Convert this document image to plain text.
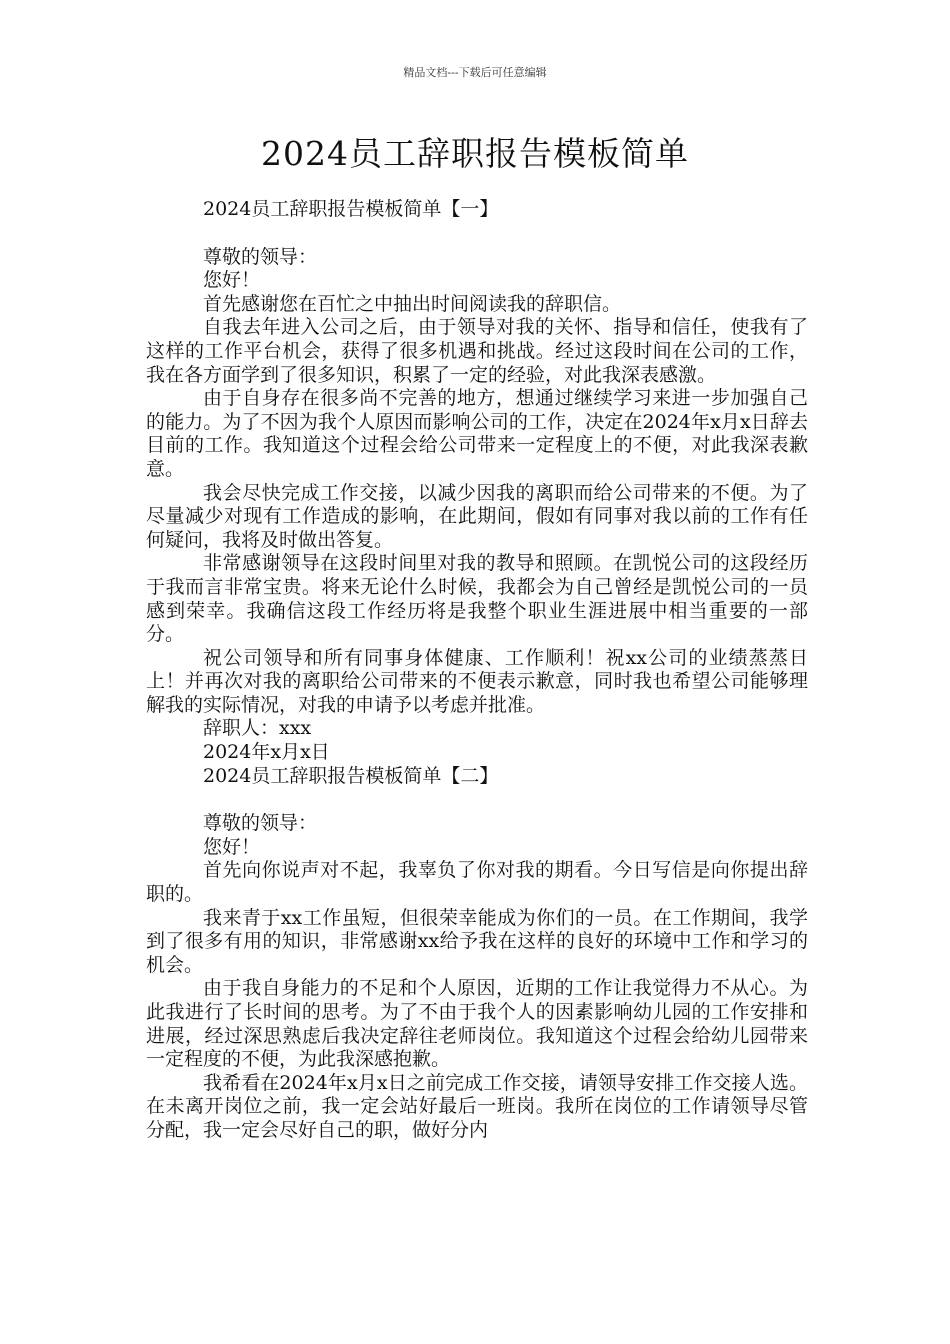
精品文档---下载后可任意编辑
2024员工辞职报告模板简单

2024员工辞职报告模板简单【一】

尊敬的领导：

您好！

首先感谢您在百忙之中抽出时间阅读我的辞职信。

自我去年进入公司之后，由于领导对我的关怀、指导和信任，使我有了这样的工作平台机会，获得了很多机遇和挑战。经过这段时间在公司的工作，我在各方面学到了很多知识，积累了一定的经验，对此我深表感激。

由于自身存在很多尚不完善的地方，想通过继续学习来进一步加强自己的能力。为了不因为我个人原因而影响公司的工作，决定在2024年x月x日辞去目前的工作。我知道这个过程会给公司带来一定程度上的不便，对此我深表歉意。

我会尽快完成工作交接，以减少因我的离职而给公司带来的不便。为了尽量减少对现有工作造成的影响，在此期间，假如有同事对我以前的工作有任何疑问，我将及时做出答复。

非常感谢领导在这段时间里对我的教导和照顾。在凯悦公司的这段经历于我而言非常宝贵。将来无论什么时候，我都会为自己曾经是凯悦公司的一员感到荣幸。我确信这段工作经历将是我整个职业生涯进展中相当重要的一部分。

祝公司领导和所有同事身体健康、工作顺利！祝xx公司的业绩蒸蒸日上！并再次对我的离职给公司带来的不便表示歉意，同时我也希望公司能够理解我的实际情况，对我的申请予以考虑并批准。

辞职人：xxx

2024年x月x日

2024员工辞职报告模板简单【二】

尊敬的领导：

您好！

首先向你说声对不起，我辜负了你对我的期看。今日写信是向你提出辞职的。

我来青于xx工作虽短，但很荣幸能成为你们的一员。在工作期间，我学到了很多有用的知识，非常感谢xx给予我在这样的良好的环境中工作和学习的机会。

由于我自身能力的不足和个人原因，近期的工作让我觉得力不从心。为此我进行了长时间的思考。为了不由于我个人的因素影响幼儿园的工作安排和进展，经过深思熟虑后我决定辞往老师岗位。我知道这个过程会给幼儿园带来一定程度的不便，为此我深感抱歉。

我希看在2024年x月x日之前完成工作交接，请领导安排工作交接人选。在未离开岗位之前，我一定会站好最后一班岗。我所在岗位的工作请领导尽管分配，我一定会尽好自己的职，做好分内
